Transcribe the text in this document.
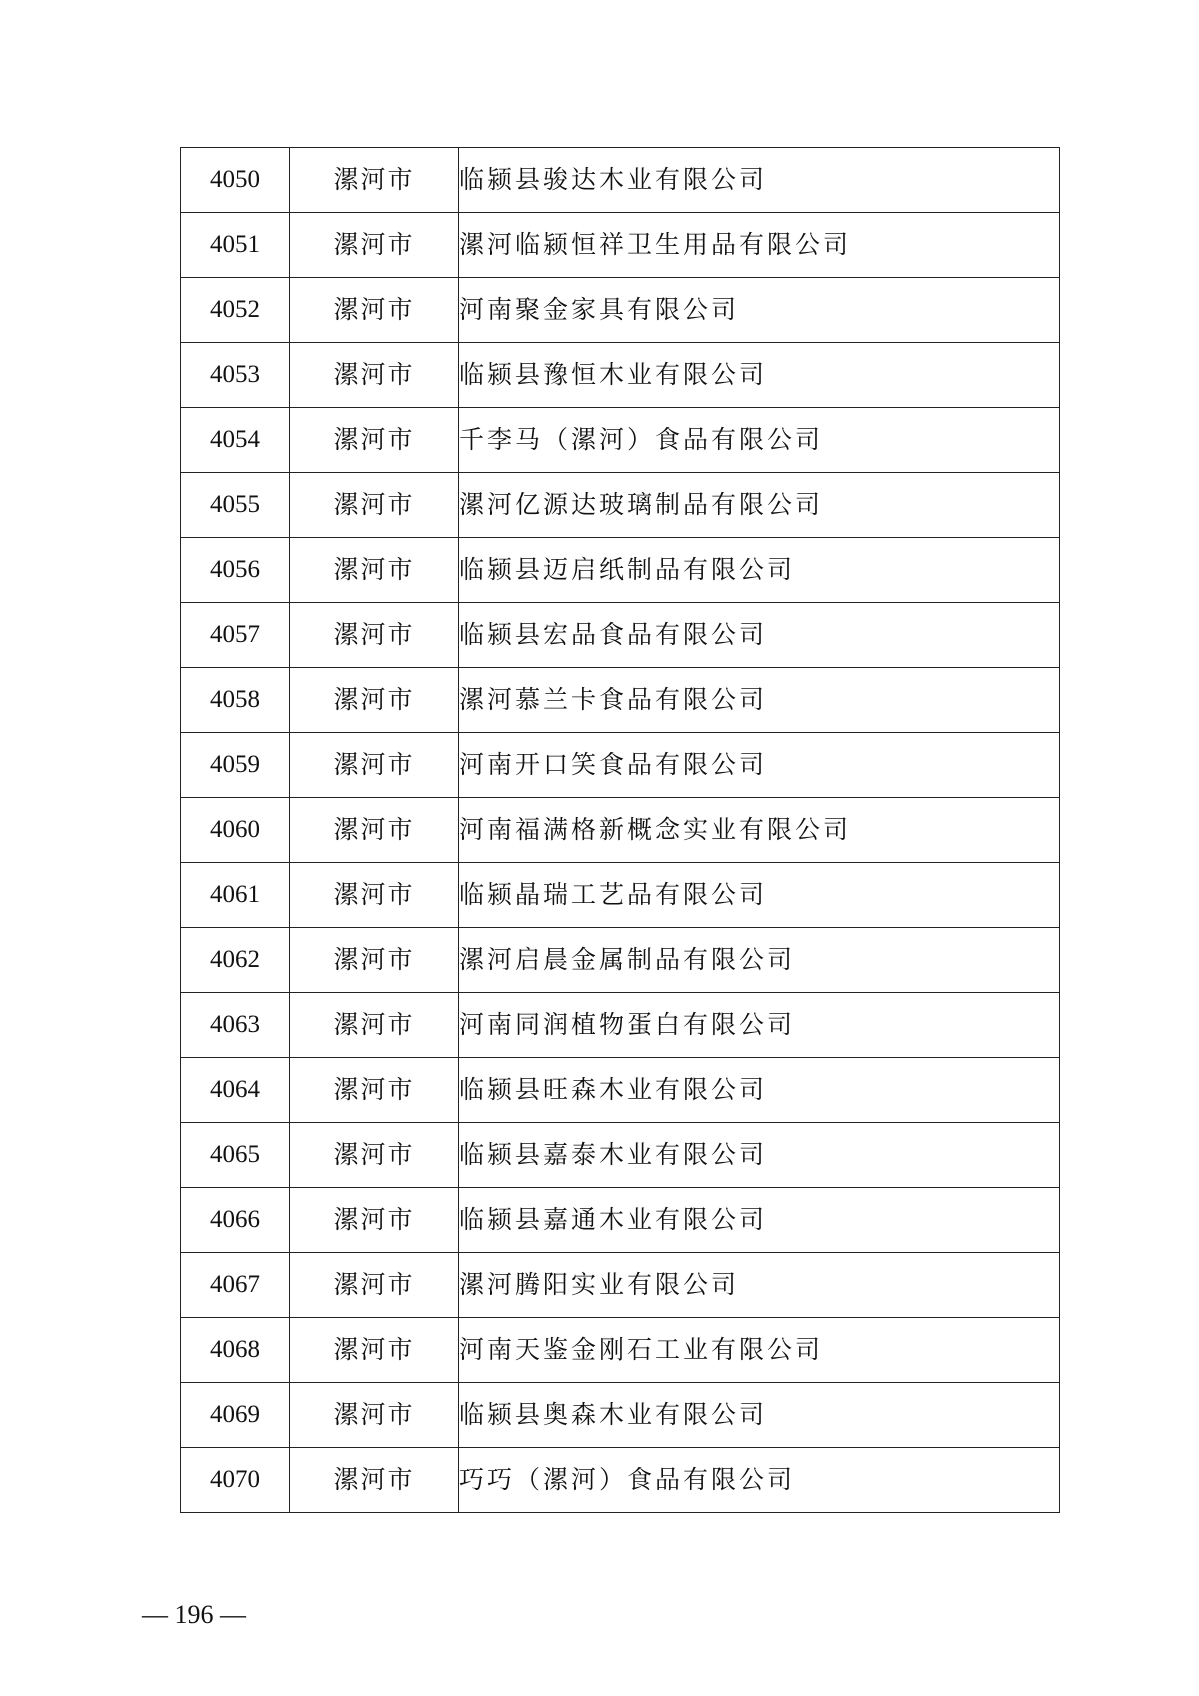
4050	漯河市	临颍县骏达木业有限公司
4051	漯河市	漯河临颍恒祥卫生用品有限公司
4052	漯河市	河南聚金家具有限公司
4053	漯河市	临颍县豫恒木业有限公司
4054	漯河市	千李马（漯河）食品有限公司
4055	漯河市	漯河亿源达玻璃制品有限公司
4056	漯河市	临颍县迈启纸制品有限公司
4057	漯河市	临颍县宏品食品有限公司
4058	漯河市	漯河慕兰卡食品有限公司
4059	漯河市	河南开口笑食品有限公司
4060	漯河市	河南福满格新概念实业有限公司
4061	漯河市	临颍晶瑞工艺品有限公司
4062	漯河市	漯河启晨金属制品有限公司
4063	漯河市	河南同润植物蛋白有限公司
4064	漯河市	临颍县旺森木业有限公司
4065	漯河市	临颍县嘉泰木业有限公司
4066	漯河市	临颍县嘉通木业有限公司
4067	漯河市	漯河腾阳实业有限公司
4068	漯河市	河南天鉴金刚石工业有限公司
4069	漯河市	临颍县奥森木业有限公司
4070	漯河市	巧巧（漯河）食品有限公司
— 196 —
